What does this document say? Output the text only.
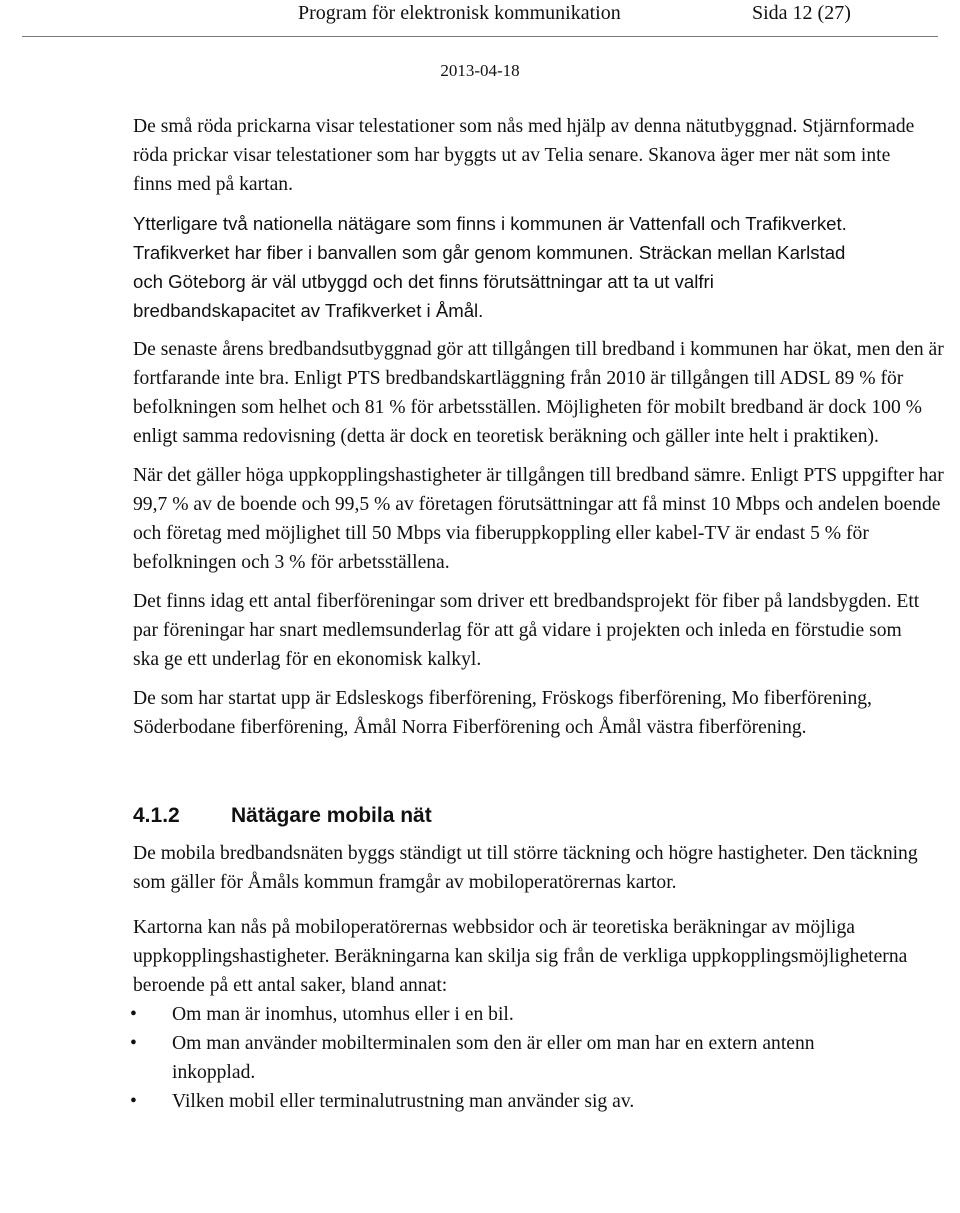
Program för elektronisk kommunikation	Sida 12 (27)
2013-04-18

De små röda prickarna visar telestationer som nås med hjälp av denna nätutbyggnad. Stjärnformade röda prickar visar telestationer som har byggts ut av Telia senare. Skanova äger mer nät som inte finns med på kartan.

Ytterligare två nationella nätägare som finns i kommunen är Vattenfall och Trafikverket. Trafikverket har fiber i banvallen som går genom kommunen. Sträckan mellan Karlstad och Göteborg är väl utbyggd och det finns förutsättningar att ta ut valfri bredbandskapacitet av Trafikverket i Åmål.

De senaste årens bredbandsutbyggnad gör att tillgången till bredband i kommunen har ökat, men den är fortfarande inte bra. Enligt PTS bredbandskartläggning från 2010 är tillgången till ADSL 89 % för befolkningen som helhet och 81 % för arbetsställen. Möjligheten för mobilt bredband är dock 100 % enligt samma redovisning (detta är dock en teoretisk beräkning och gäller inte helt i praktiken).

När det gäller höga uppkopplingshastigheter är tillgången till bredband sämre. Enligt PTS uppgifter har 99,7 % av de boende och 99,5 % av företagen förutsättningar att få minst 10 Mbps och andelen boende och företag med möjlighet till 50 Mbps via fiberuppkoppling eller kabel-TV är endast 5 % för befolkningen och 3 % för arbetsställena.

Det finns idag ett antal fiberföreningar som driver ett bredbandsprojekt för fiber på landsbygden. Ett par föreningar har snart medlemsunderlag för att gå vidare i projekten och inleda en förstudie som ska ge ett underlag för en ekonomisk kalkyl.

De som har startat upp är Edsleskogs fiberförening, Fröskogs fiberförening, Mo fiberförening, Söderbodane fiberförening, Åmål Norra Fiberförening och Åmål västra fiberförening.

4.1.2 Nätägare mobila nät

De mobila bredbandsnäten byggs ständigt ut till större täckning och högre hastigheter. Den täckning som gäller för Åmåls kommun framgår av mobiloperatörernas kartor.

Kartorna kan nås på mobiloperatörernas webbsidor och är teoretiska beräkningar av möjliga uppkopplingshastigheter. Beräkningarna kan skilja sig från de verkliga uppkopplingsmöjligheterna beroende på ett antal saker, bland annat:

•	Om man är inomhus, utomhus eller i en bil.
•	Om man använder mobilterminalen som den är eller om man har en extern antenn inkopplad.
•	Vilken mobil eller terminalutrustning man använder sig av.
